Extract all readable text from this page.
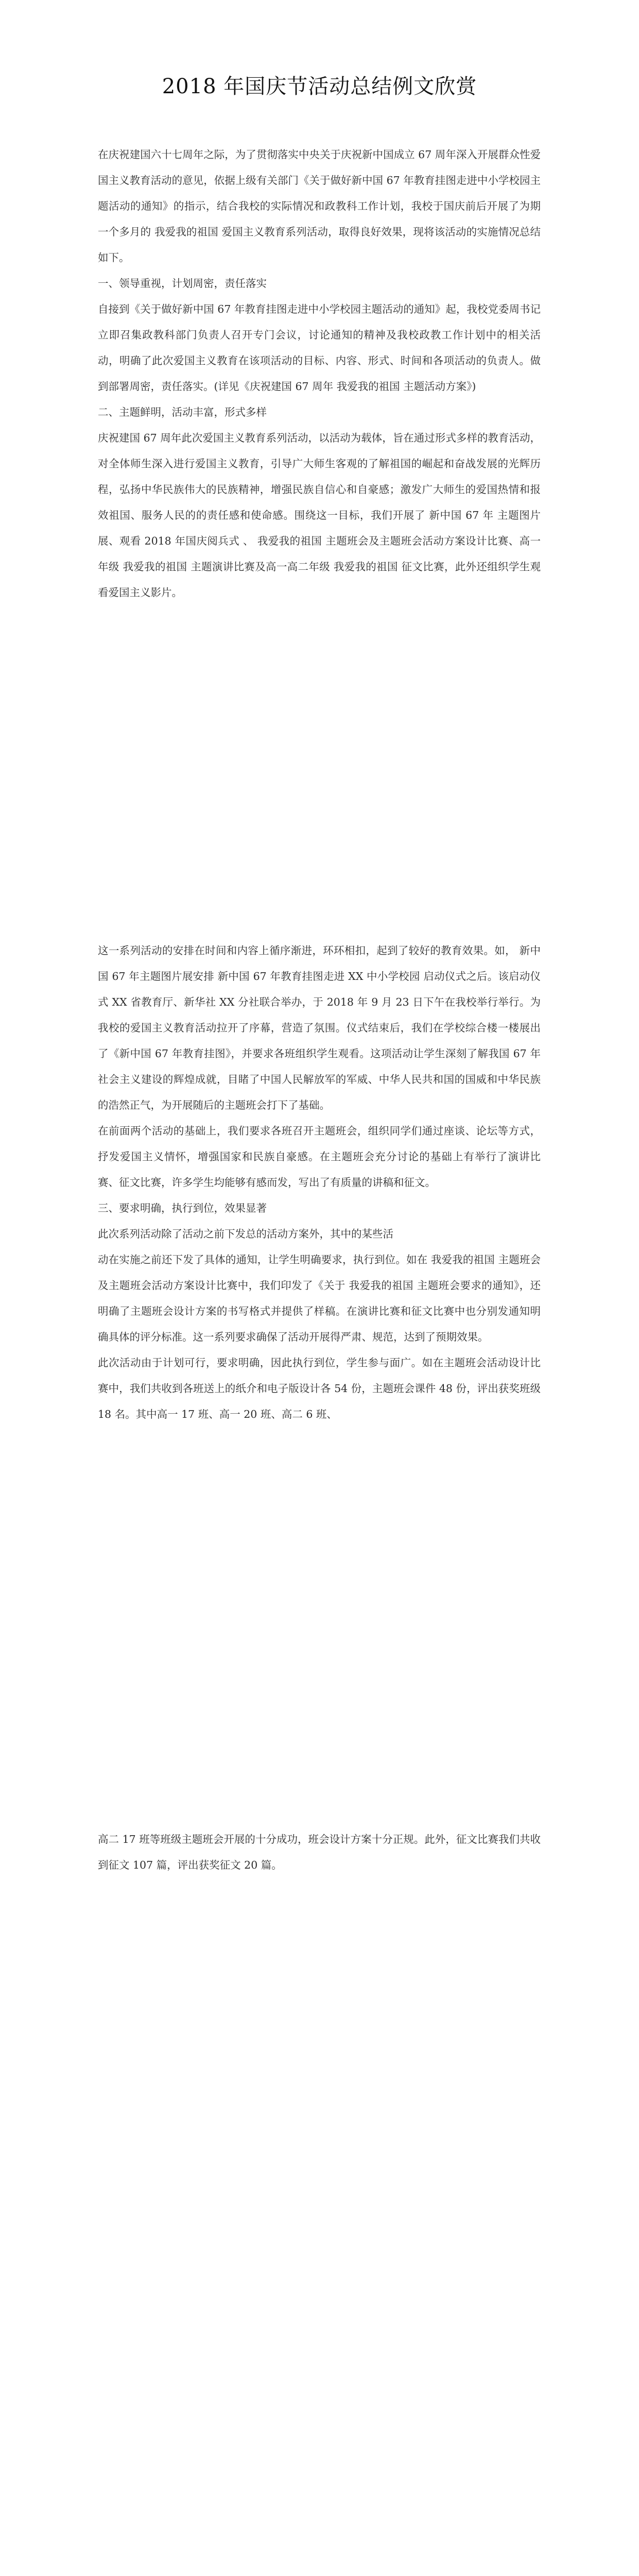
2018 年国庆节活动总结例文欣赏

在庆祝建国六十七周年之际，为了贯彻落实中央关于庆祝新中国成立 67 周年深入开展群众性爱国主义教育活动的意见，依据上级有关部门《关于做好新中国 67 年教育挂图走进中小学校园主题活动的通知》的指示，结合我校的实际情况和政教科工作计划，我校于国庆前后开展了为期一个多月的 我爱我的祖国 爱国主义教育系列活动，取得良好效果，现将该活动的实施情况总结如下。

一、领导重视，计划周密，责任落实

自接到《关于做好新中国 67 年教育挂图走进中小学校园主题活动的通知》起，我校党委周书记立即召集政教科部门负责人召开专门会议，讨论通知的精神及我校政教工作计划中的相关活动，明确了此次爱国主义教育在该项活动的目标、内容、形式、时间和各项活动的负责人。做到部署周密，责任落实。(详见《庆祝建国 67 周年 我爱我的祖国 主题活动方案》)

二、主题鲜明，活动丰富，形式多样

庆祝建国 67 周年此次爱国主义教育系列活动，以活动为载体，旨在通过形式多样的教育活动，对全体师生深入进行爱国主义教育，引导广大师生客观的了解祖国的崛起和奋战发展的光辉历程，弘扬中华民族伟大的民族精神，增强民族自信心和自豪感；激发广大师生的爱国热情和报效祖国、服务人民的的责任感和使命感。围绕这一目标，我们开展了 新中国 67 年 主题图片展、观看 2018 年国庆阅兵式 、 我爱我的祖国 主题班会及主题班会活动方案设计比赛、高一年级 我爱我的祖国 主题演讲比赛及高一高二年级 我爱我的祖国 征文比赛，此外还组织学生观看爱国主义影片。

这一系列活动的安排在时间和内容上循序渐进，环环相扣，起到了较好的教育效果。如， 新中国 67 年主题图片展安排 新中国 67 年教育挂图走进 XX 中小学校园 启动仪式之后。该启动仪式 XX 省教育厅、新华社 XX 分社联合举办，于 2018 年 9 月 23 日下午在我校举行举行。为我校的爱国主义教育活动拉开了序幕，营造了氛围。仪式结束后，我们在学校综合楼一楼展出了《新中国 67 年教育挂图》，并要求各班组织学生观看。这项活动让学生深刻了解我国 67 年社会主义建设的辉煌成就，目睹了中国人民解放军的军威、中华人民共和国的国威和中华民族的浩然正气，为开展随后的主题班会打下了基础。

在前面两个活动的基础上，我们要求各班召开主题班会，组织同学们通过座谈、论坛等方式，抒发爱国主义情怀，增强国家和民族自豪感。在主题班会充分讨论的基础上有举行了演讲比赛、征文比赛，许多学生均能够有感而发，写出了有质量的讲稿和征文。

三、要求明确，执行到位，效果显著

此次系列活动除了活动之前下发总的活动方案外，其中的某些活

动在实施之前还下发了具体的通知，让学生明确要求，执行到位。如在 我爱我的祖国 主题班会及主题班会活动方案设计比赛中，我们印发了《关于 我爱我的祖国 主题班会要求的通知》，还明确了主题班会设计方案的书写格式并提供了样稿。在演讲比赛和征文比赛中也分别发通知明确具体的评分标准。这一系列要求确保了活动开展得严肃、规范，达到了预期效果。

此次活动由于计划可行，要求明确，因此执行到位，学生参与面广。如在主题班会活动设计比赛中，我们共收到各班送上的纸介和电子版设计各 54 份，主题班会课件 48 份，评出获奖班级 18 名。其中高一 17 班、高一 20 班、高二 6 班、

高二 17 班等班级主题班会开展的十分成功，班会设计方案十分正规。此外，征文比赛我们共收到征文 107 篇，评出获奖征文 20 篇。
